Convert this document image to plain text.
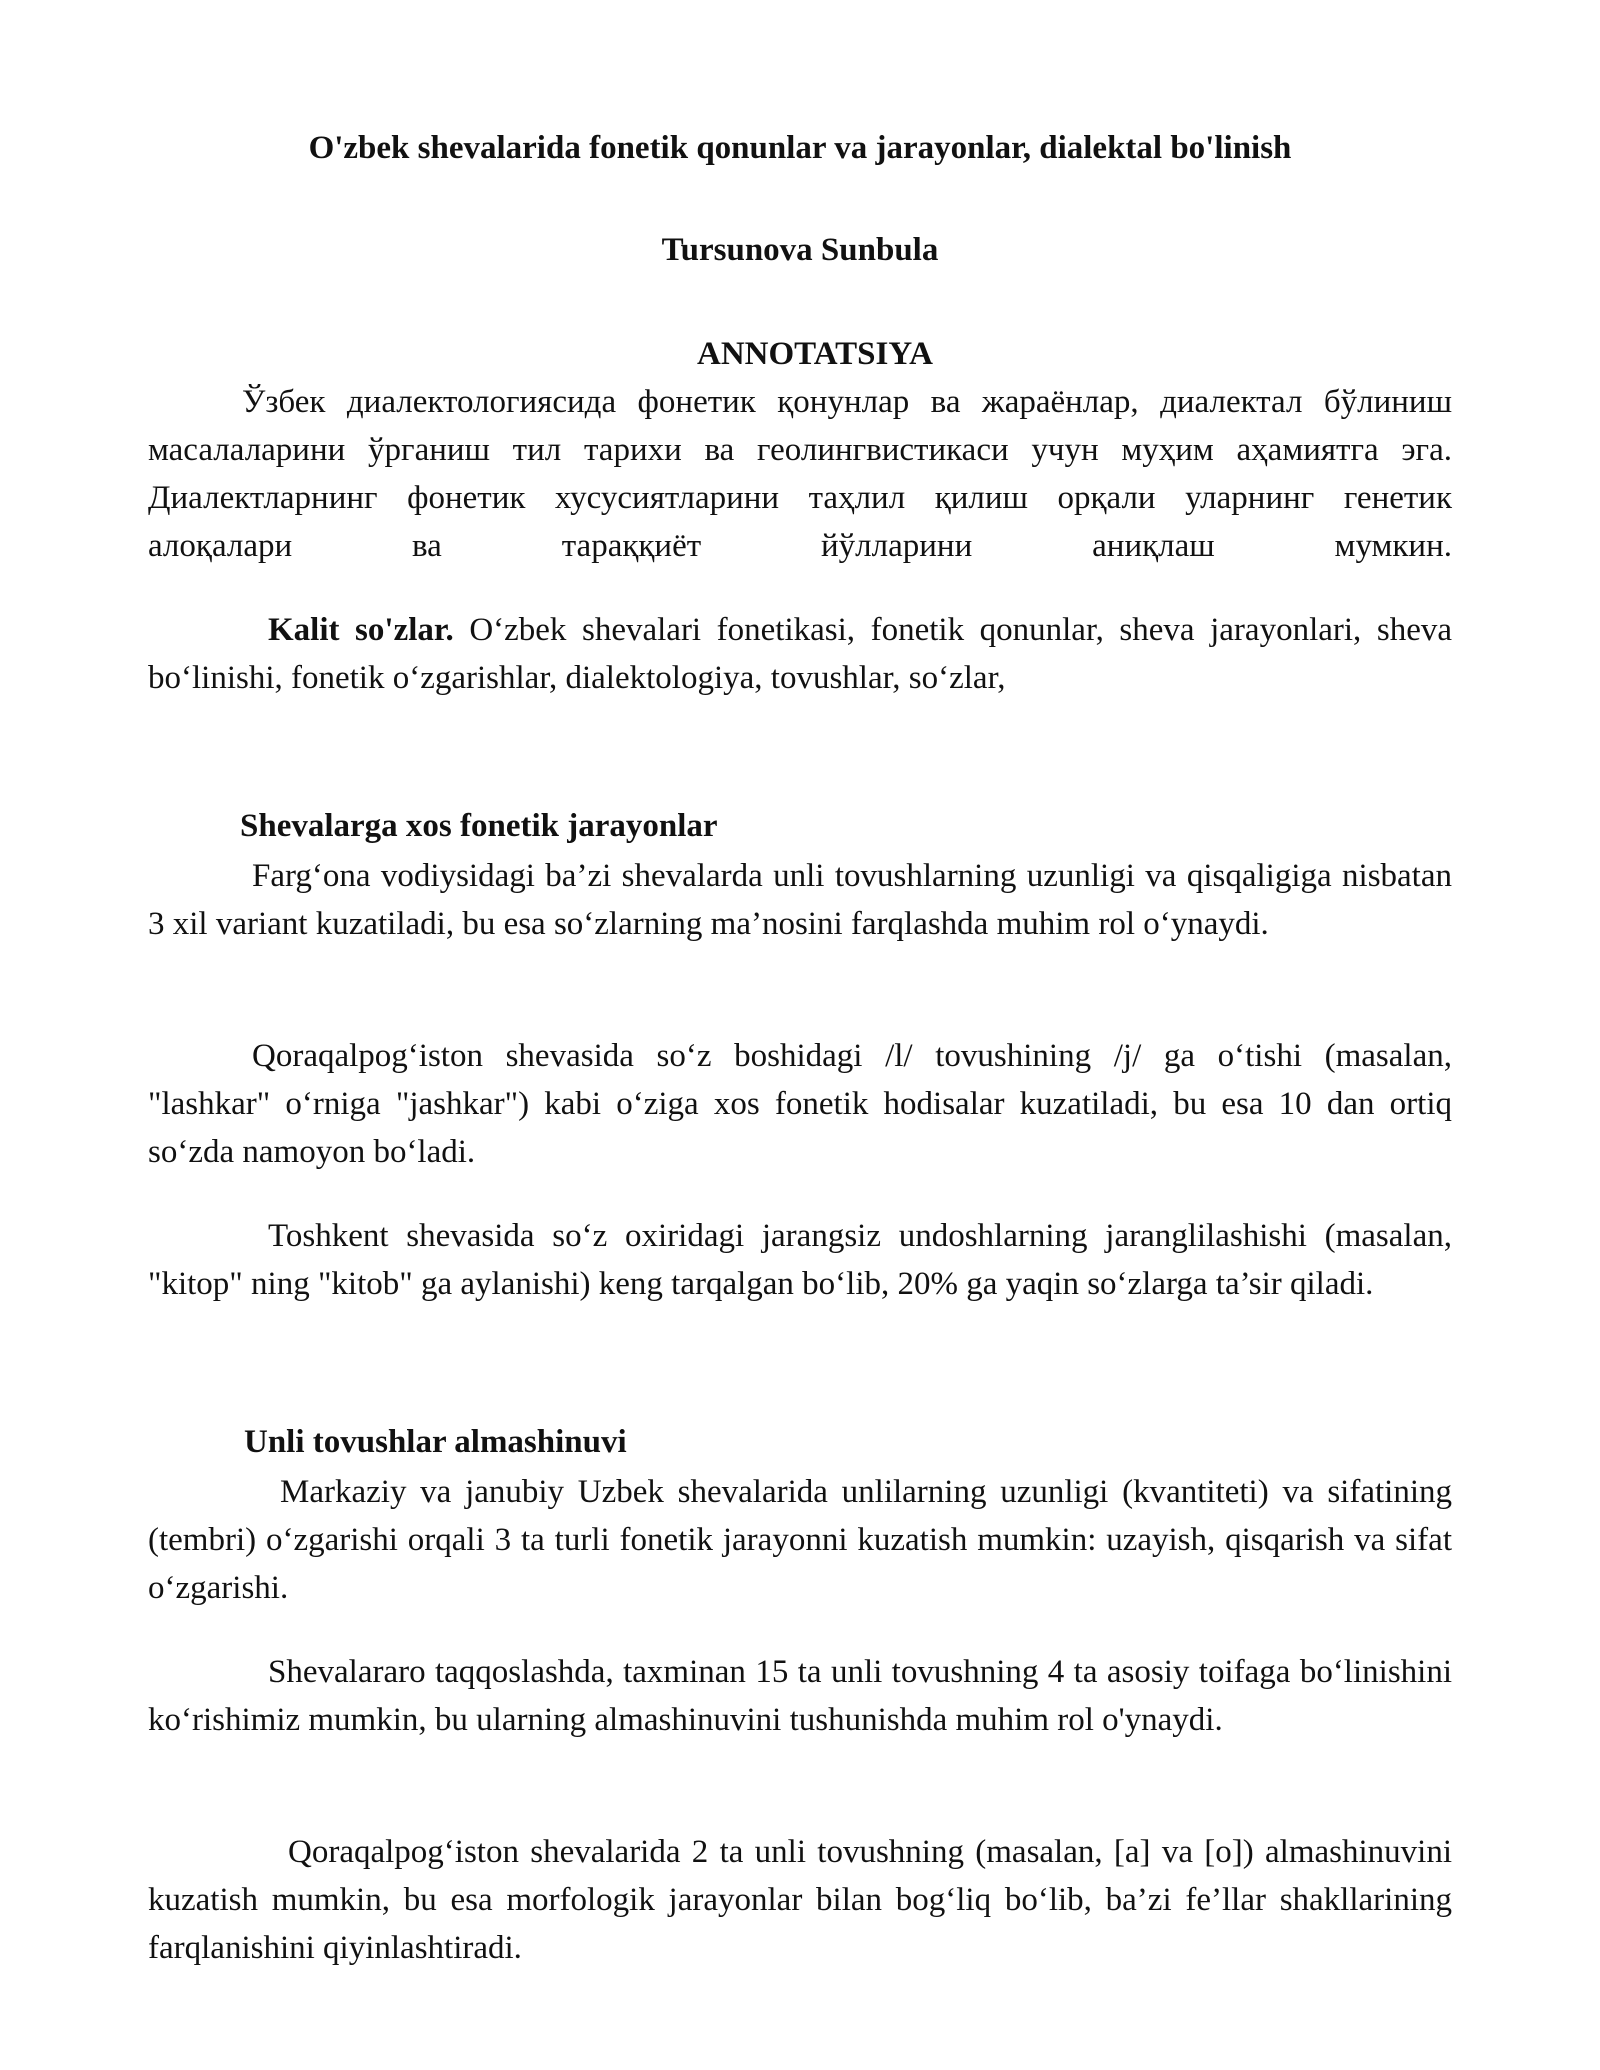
O'zbek shevalarida fonetik qonunlar va jarayonlar, dialektal bo'linish
Tursunova Sunbula
ANNOTATSIYA

Ўзбек диалектологиясида фонетик қонунлар ва жараёнлар, диалектал бўлиниш масалаларини ўрганиш тил тарихи ва геолингвистикаси учун муҳим аҳамиятга эга. Диалектларнинг фонетик хусусиятларини таҳлил қилиш орқали уларнинг генетик алоқалари ва тараққиёт йўлларини аниқлаш мумкин.

Kalit so'zlar. O‘zbek shevalari fonetikasi, fonetik qonunlar, sheva jarayonlari, sheva bo‘linishi, fonetik o‘zgarishlar, dialektologiya, tovushlar, so‘zlar,

Shevalarga xos fonetik jarayonlar

Farg‘ona vodiysidagi ba’zi shevalarda unli tovushlarning uzunligi va qisqaligiga nisbatan 3 xil variant kuzatiladi, bu esa so‘zlarning ma’nosini farqlashda muhim rol o‘ynaydi.

Qoraqalpog‘iston shevasida so‘z boshidagi /l/ tovushining /j/ ga o‘tishi (masalan, "lashkar" o‘rniga "jashkar") kabi o‘ziga xos fonetik hodisalar kuzatiladi, bu esa 10 dan ortiq so‘zda namoyon bo‘ladi.

Toshkent shevasida so‘z oxiridagi jarangsiz undoshlarning jaranglilashishi (masalan, "kitop" ning "kitob" ga aylanishi) keng tarqalgan bo‘lib, 20% ga yaqin so‘zlarga ta’sir qiladi.

Unli tovushlar almashinuvi

Markaziy va janubiy Uzbek shevalarida unlilarning uzunligi (kvantiteti) va sifatining (tembri) o‘zgarishi orqali 3 ta turli fonetik jarayonni kuzatish mumkin: uzayish, qisqarish va sifat o‘zgarishi.

Shevalararo taqqoslashda, taxminan 15 ta unli tovushning 4 ta asosiy toifaga bo‘linishini ko‘rishimiz mumkin, bu ularning almashinuvini tushunishda muhim rol o'ynaydi.

Qoraqalpog‘iston shevalarida 2 ta unli tovushning (masalan, [a] va [o]) almashinuvini kuzatish mumkin, bu esa morfologik jarayonlar bilan bog‘liq bo‘lib, ba’zi fe’llar shakllarining farqlanishini qiyinlashtiradi.
